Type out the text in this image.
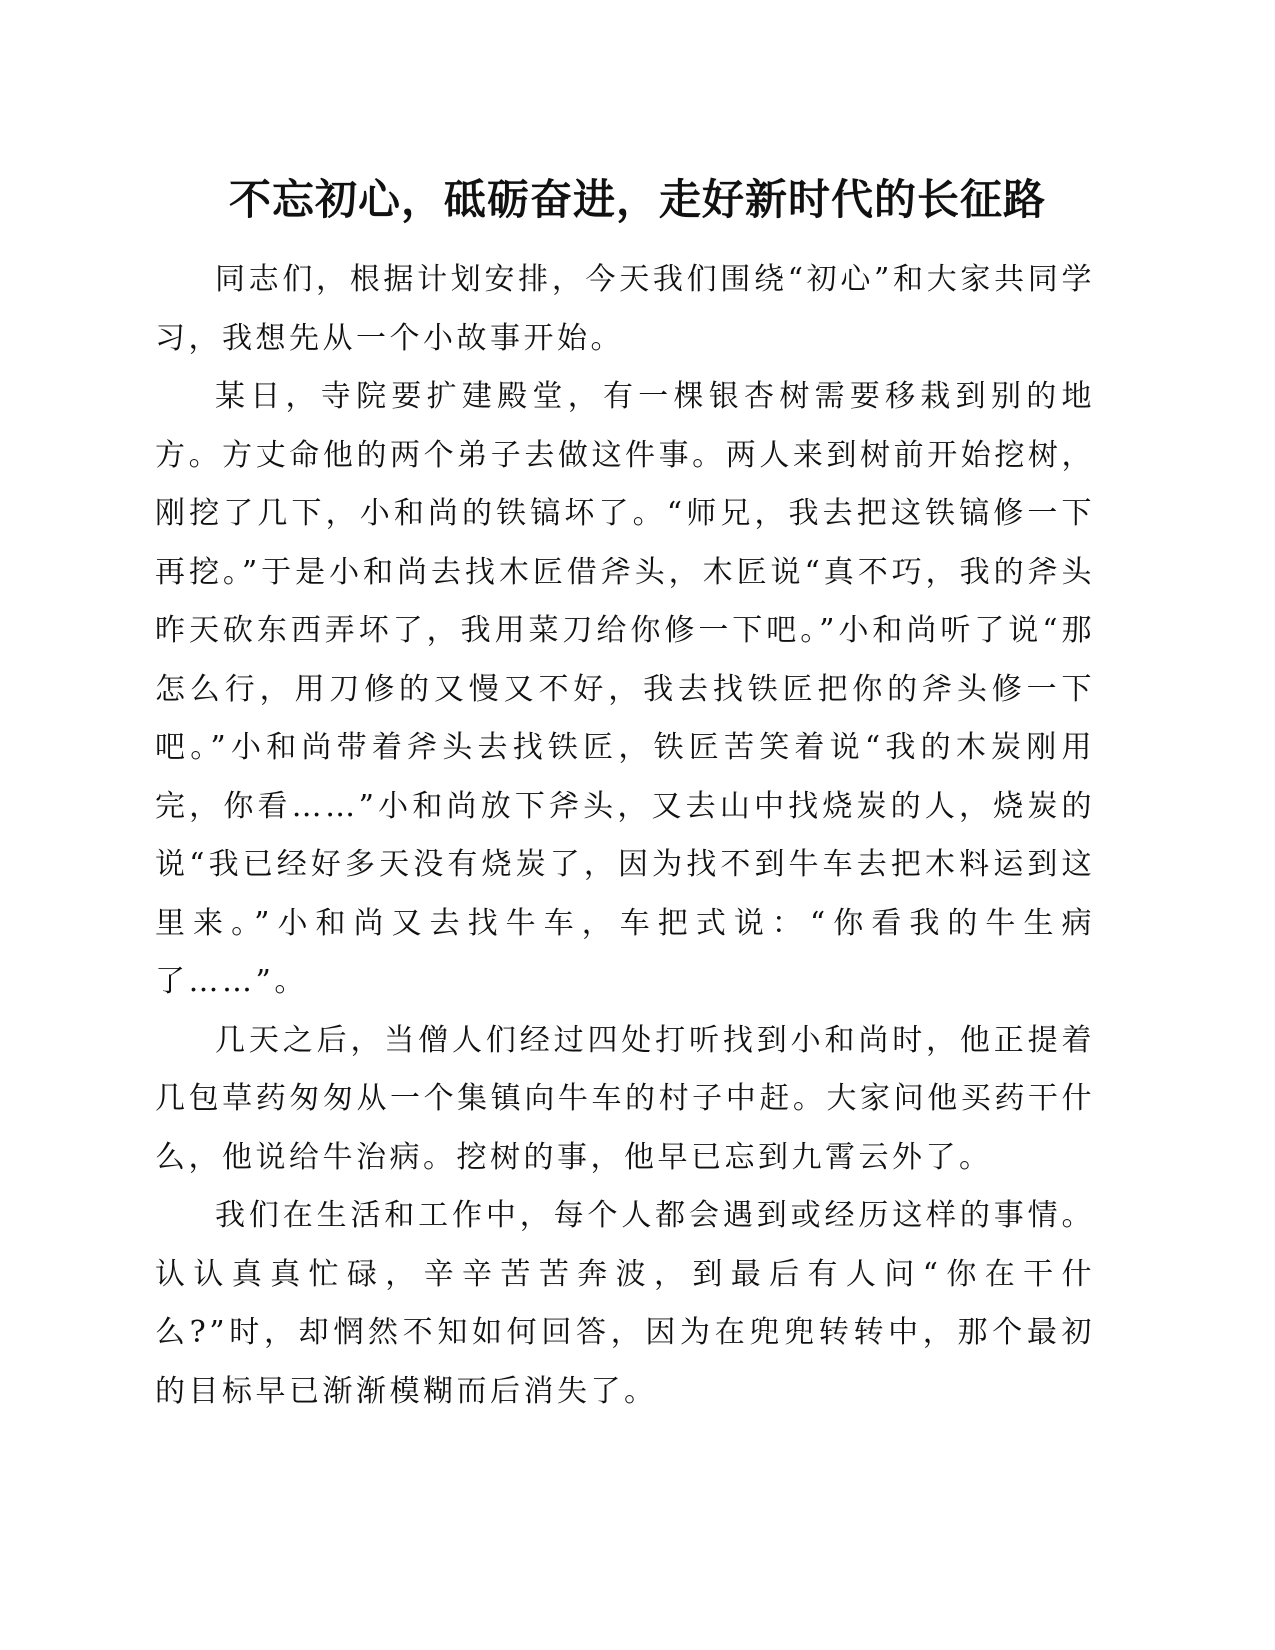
不忘初心，砥砺奋进，走好新时代的长征路

同志们，根据计划安排，今天我们围绕“初心”和大家共同学习，我想先从一个小故事开始。

某日，寺院要扩建殿堂，有一棵银杏树需要移栽到别的地方。方丈命他的两个弟子去做这件事。两人来到树前开始挖树，刚挖了几下，小和尚的铁镐坏了。“师兄，我去把这铁镐修一下再挖。”于是小和尚去找木匠借斧头，木匠说“真不巧，我的斧头昨天砍东西弄坏了，我用菜刀给你修一下吧。”小和尚听了说“那怎么行，用刀修的又慢又不好，我去找铁匠把你的斧头修一下吧。”小和尚带着斧头去找铁匠，铁匠苦笑着说“我的木炭刚用完，你看……”小和尚放下斧头，又去山中找烧炭的人，烧炭的说“我已经好多天没有烧炭了，因为找不到牛车去把木料运到这里来。”小和尚又去找牛车，车把式说：“你看我的牛生病了……”。

几天之后，当僧人们经过四处打听找到小和尚时，他正提着几包草药匆匆从一个集镇向牛车的村子中赶。大家问他买药干什么，他说给牛治病。挖树的事，他早已忘到九霄云外了。

我们在生活和工作中，每个人都会遇到或经历这样的事情。认认真真忙碌，辛辛苦苦奔波，到最后有人问“你在干什么?”时，却惘然不知如何回答，因为在兜兜转转中，那个最初的目标早已渐渐模糊而后消失了。
